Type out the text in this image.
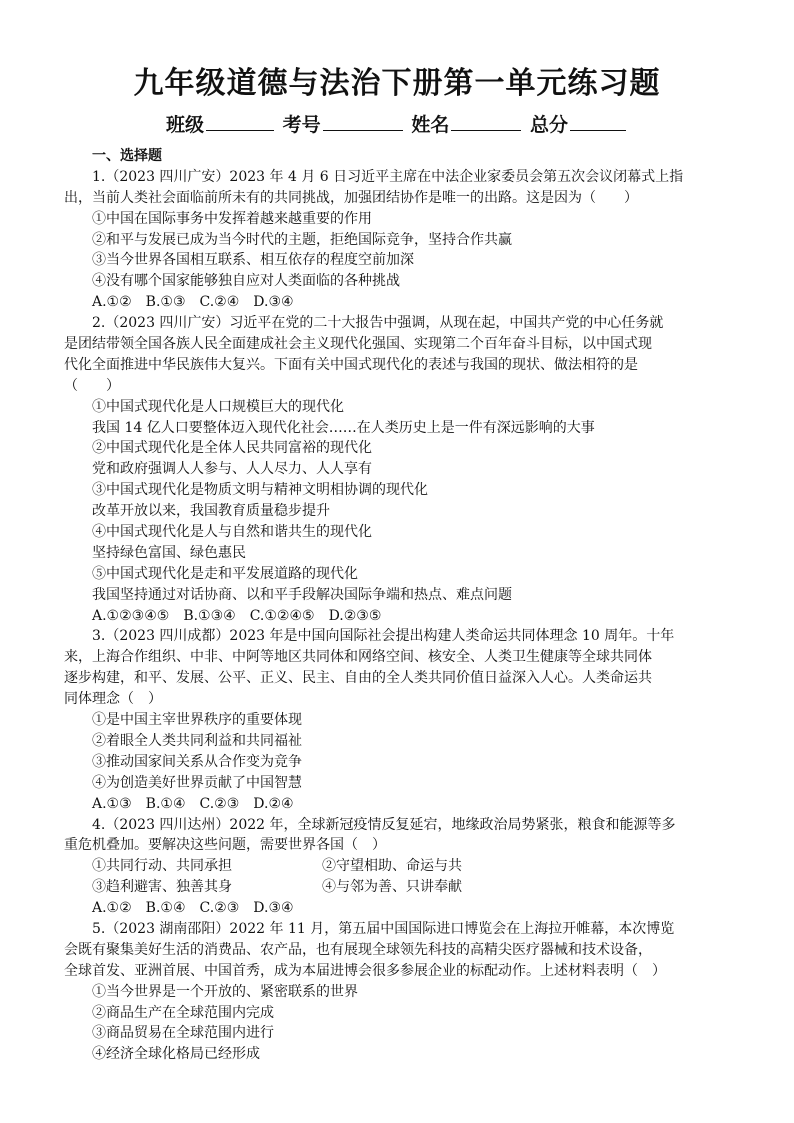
九年级道德与法治下册第一单元练习题
班级	考号	姓名	总分
一、选择题
1.（2023 四川广安）2023 年 4 月 6 日习近平主席在中法企业家委员会第五次会议闭幕式上指
出，当前人类社会面临前所未有的共同挑战，加强团结协作是唯一的出路。这是因为（　　）
①中国在国际事务中发挥着越来越重要的作用
②和平与发展已成为当今时代的主题，拒绝国际竞争，坚持合作共赢
③当今世界各国相互联系、相互依存的程度空前加深
④没有哪个国家能够独自应对人类面临的各种挑战
A.①②　B.①③　C.②④　D.③④
2.（2023 四川广安）习近平在党的二十大报告中强调，从现在起，中国共产党的中心任务就
是团结带领全国各族人民全面建成社会主义现代化强国、实现第二个百年奋斗目标，以中国式现
代化全面推进中华民族伟大复兴。下面有关中国式现代化的表述与我国的现状、做法相符的是
（　　）
①中国式现代化是人口规模巨大的现代化
我国 14 亿人口要整体迈入现代化社会……在人类历史上是一件有深远影响的大事
②中国式现代化是全体人民共同富裕的现代化
党和政府强调人人参与、人人尽力、人人享有
③中国式现代化是物质文明与精神文明相协调的现代化
改革开放以来，我国教育质量稳步提升
④中国式现代化是人与自然和谐共生的现代化
坚持绿色富国、绿色惠民
⑤中国式现代化是走和平发展道路的现代化
我国坚持通过对话协商、以和平手段解决国际争端和热点、难点问题
A.①②③④⑤　B.①③④　C.①②④⑤　D.②③⑤
3.（2023 四川成都）2023 年是中国向国际社会提出构建人类命运共同体理念 10 周年。十年
来，上海合作组织、中非、中阿等地区共同体和网络空间、核安全、人类卫生健康等全球共同体
逐步构建，和平、发展、公平、正义、民主、自由的全人类共同价值日益深入人心。人类命运共
同体理念（　）
①是中国主宰世界秩序的重要体现
②着眼全人类共同利益和共同福祉
③推动国家间关系从合作变为竞争
④为创造美好世界贡献了中国智慧
A.①③　B.①④　C.②③　D.②④
4.（2023 四川达州）2022 年，全球新冠疫情反复延宕，地缘政治局势紧张，粮食和能源等多
重危机叠加。要解决这些问题，需要世界各国（　）
①共同行动、共同承担	②守望相助、命运与共
③趋利避害、独善其身	④与邻为善、只讲奉献
A.①②　B.①④　C.②③　D.③④
5.（2023 湖南邵阳）2022 年 11 月，第五届中国国际进口博览会在上海拉开帷幕，本次博览
会既有聚集美好生活的消费品、农产品，也有展现全球领先科技的高精尖医疗器械和技术设备，
全球首发、亚洲首展、中国首秀，成为本届进博会很多参展企业的标配动作。上述材料表明（　）
①当今世界是一个开放的、紧密联系的世界
②商品生产在全球范围内完成
③商品贸易在全球范围内进行
④经济全球化格局已经形成
